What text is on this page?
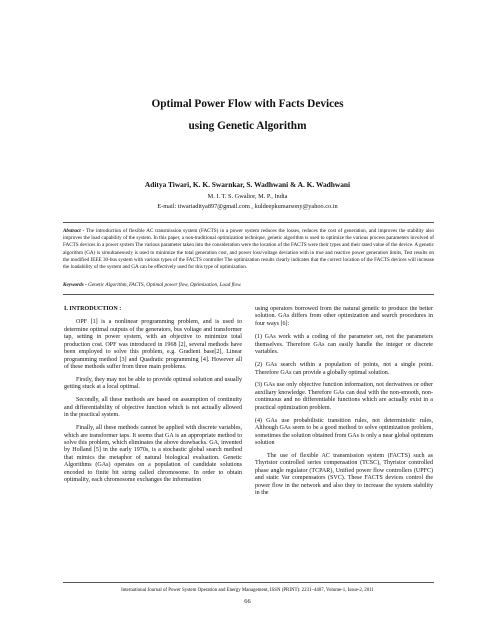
Optimal Power Flow with Facts Devices
using Genetic Algorithm

Aditya Tiwari, K. K. Swarnkar, S. Wadhwani & A. K. Wadhwani

M. I. T. S. Gwalior, M. P., India

E-mail: tiwariaditya897@gmail.com , kuldeepkumarsony@yahoo.co.in

Abstract - The introduction of flexible AC transmission system (FACTS) in a power system reduces the losses, reduces the cost of generation, and improves the stability also improves the load capability of the system. In this paper, a non-traditional optimization technique, genetic algorithm is used to optimize the various process parameters involved of FACTS devices in a power system The various parameter taken into the consideration were the location of the FACTS were their types and their rated value of the device. A genetic algorithm (GA) is simultaneously is used to minimize the total generation cost, and power loss/voltage deviation with in true and reactive power generation limits, Test results on the modified IEEE 30-bus system with various types of the FACTS controller The optimization results clearly indicates that the correct location of the FACTS devices will increase the loadability of the system and GA can be effectively used for this type of optimization.

Keywords - Genetic Algorithm, FACTS, Optimal power flow, Optimization, Load flow.

I. INTRODUCTION :

OPF [1] is a nonlinear programming problem, and is used to determine optimal outputs of the generators, bus voltage and transformer tap, setting in power system, with an objective to minimize total production cost. OPF was introduced in 1968 [2], several methods have been employed to solve this problem, e.g. Gradient base[2], Linear programming method [3] and Quadratic programming [4]. However all of these methods suffer from three main problems.

Firstly, they may not be able to provide optimal solution and usually getting stuck at a local optimal.

Secondly, all these methods are based on assumption of continuity and differentiability of objective function which is not actually allowed in the practical system.

Finally, all these methods cannot be applied with discrete variables, which are transformer taps. It seems that GA is an appropriate method to solve this problem, which eliminates the above drawbacks. GA, invented by Holland [5] in the early 1970s, is a stochastic global search method that mimics the metaphor of natural biological evaluation. Genetic Algorithms (GAs) operates on a population of candidate solutions encoded to finite bit string called chromosome. In order to obtain optimality, each chromosome exchanges the information

using operators borrowed from the natural genetic to produce the better solution. GAs differs from other optimization and search procedures in four ways [6]:

(1) GAs work with a coding of the parameter set, not the parameters themselves. Therefore GAs can easily handle the integer or discrete variables.

(2) GAs search within a population of points, not a single point. Therefore GAs can provide a globally optimal solution.

(3) GAs use only objective function information, not derivatives or other auxiliary knowledge. Therefore GAs can deal with the non-smooth, non-continuous and no differentiable functions which are actually exist in a practical optimization problem.

(4) GAs use probabilistic transition rules, not deterministic rules, Although GAs seem to be a good method to solve optimization problem, sometimes the solution obtained from GAs is only a near global optimum solution

The use of flexible AC transmission system (FACTS) such as Thyristor controlled series compensation (TCSC), Thyristor controlled phase angle regulator (TCPAR), Unified power flow controllers (UPFC) and static Var compensators (SVC). These FACTS devices control the power flow in the network and also they to increase the system stability in the

International Journal of Power System Operation and Energy Management, ISSN (PRINT): 2231–4407, Volume-1, Issue-2, 2011

66
